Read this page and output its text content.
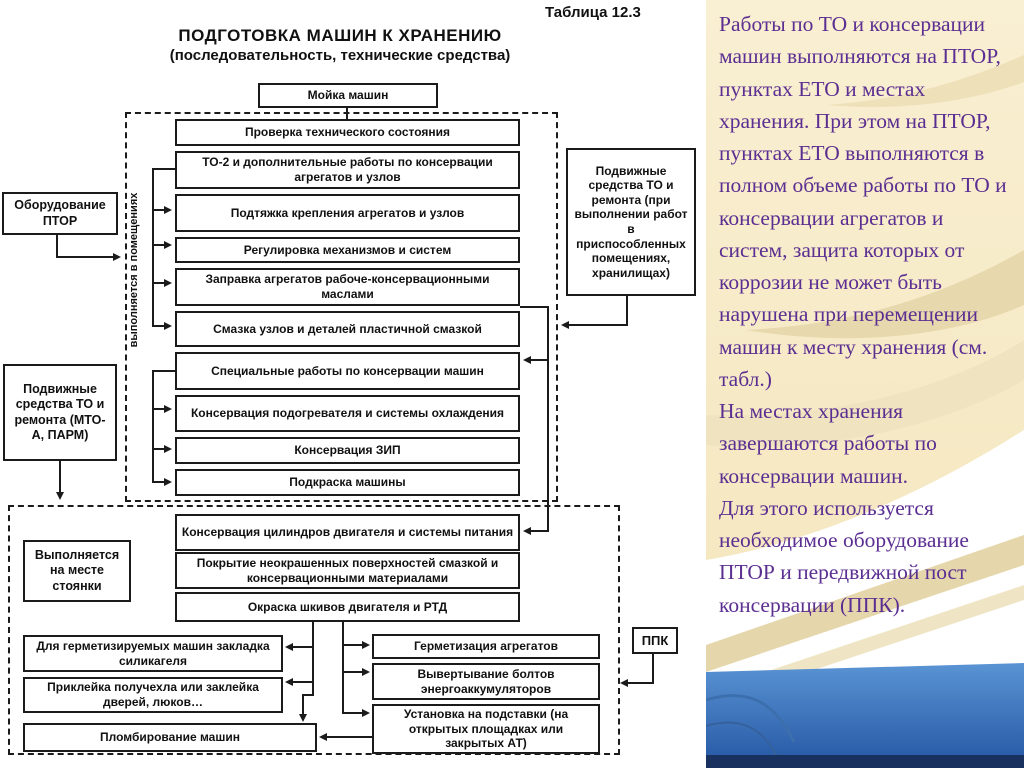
Таблица 12.3
ПОДГОТОВКА МАШИН К ХРАНЕНИЮ
(последовательность, технические средства)
выполняется в помещениях
Мойка машин
Проверка технического состояния
ТО-2 и дополнительные работы по консервации агрегатов и узлов
Подтяжка крепления агрегатов и узлов
Регулировка механизмов и систем
Заправка агрегатов рабоче-консервационными маслами
Смазка узлов и деталей пластичной смазкой
Специальные работы по консервации машин
Консервация подогревателя и системы охлаждения
Консервация ЗИП
Подкраска машины
Консервация цилиндров двигателя и системы питания
Покрытие неокрашенных поверхностей смазкой и консервационными материалами
Окраска шкивов двигателя и РТД
Для герметизируемых машин закладка силикагеля
Приклейка получехла или заклейка дверей, люков…
Пломбирование машин
Герметизация агрегатов
Вывертывание болтов энергоаккумуляторов
Установка на подставки (на открытых площадках или закрытых АТ)
Оборудование ПТОР
Подвижные средства ТО и ремонта (МТО-А, ПАРМ)
Подвижные средства ТО и ремонта (при выполнении работ в приспособленных помещениях, хранилищах)
Выполняется на месте стоянки
ППК

Работы по ТО и консервации машин выполняются на ПТОР, пунктах ЕТО и местах хранения. При этом на ПТОР, пунктах ЕТО выполняются в полном объеме работы по ТО и консервации агрегатов и систем, защита которых от коррозии не может быть нарушена при перемещении машин к месту хранения (см. табл.)

На местах хранения завершаются работы по консервации машин.

Для этого используется необходимое оборудование ПТОР и передвижной пост консервации (ППК).
